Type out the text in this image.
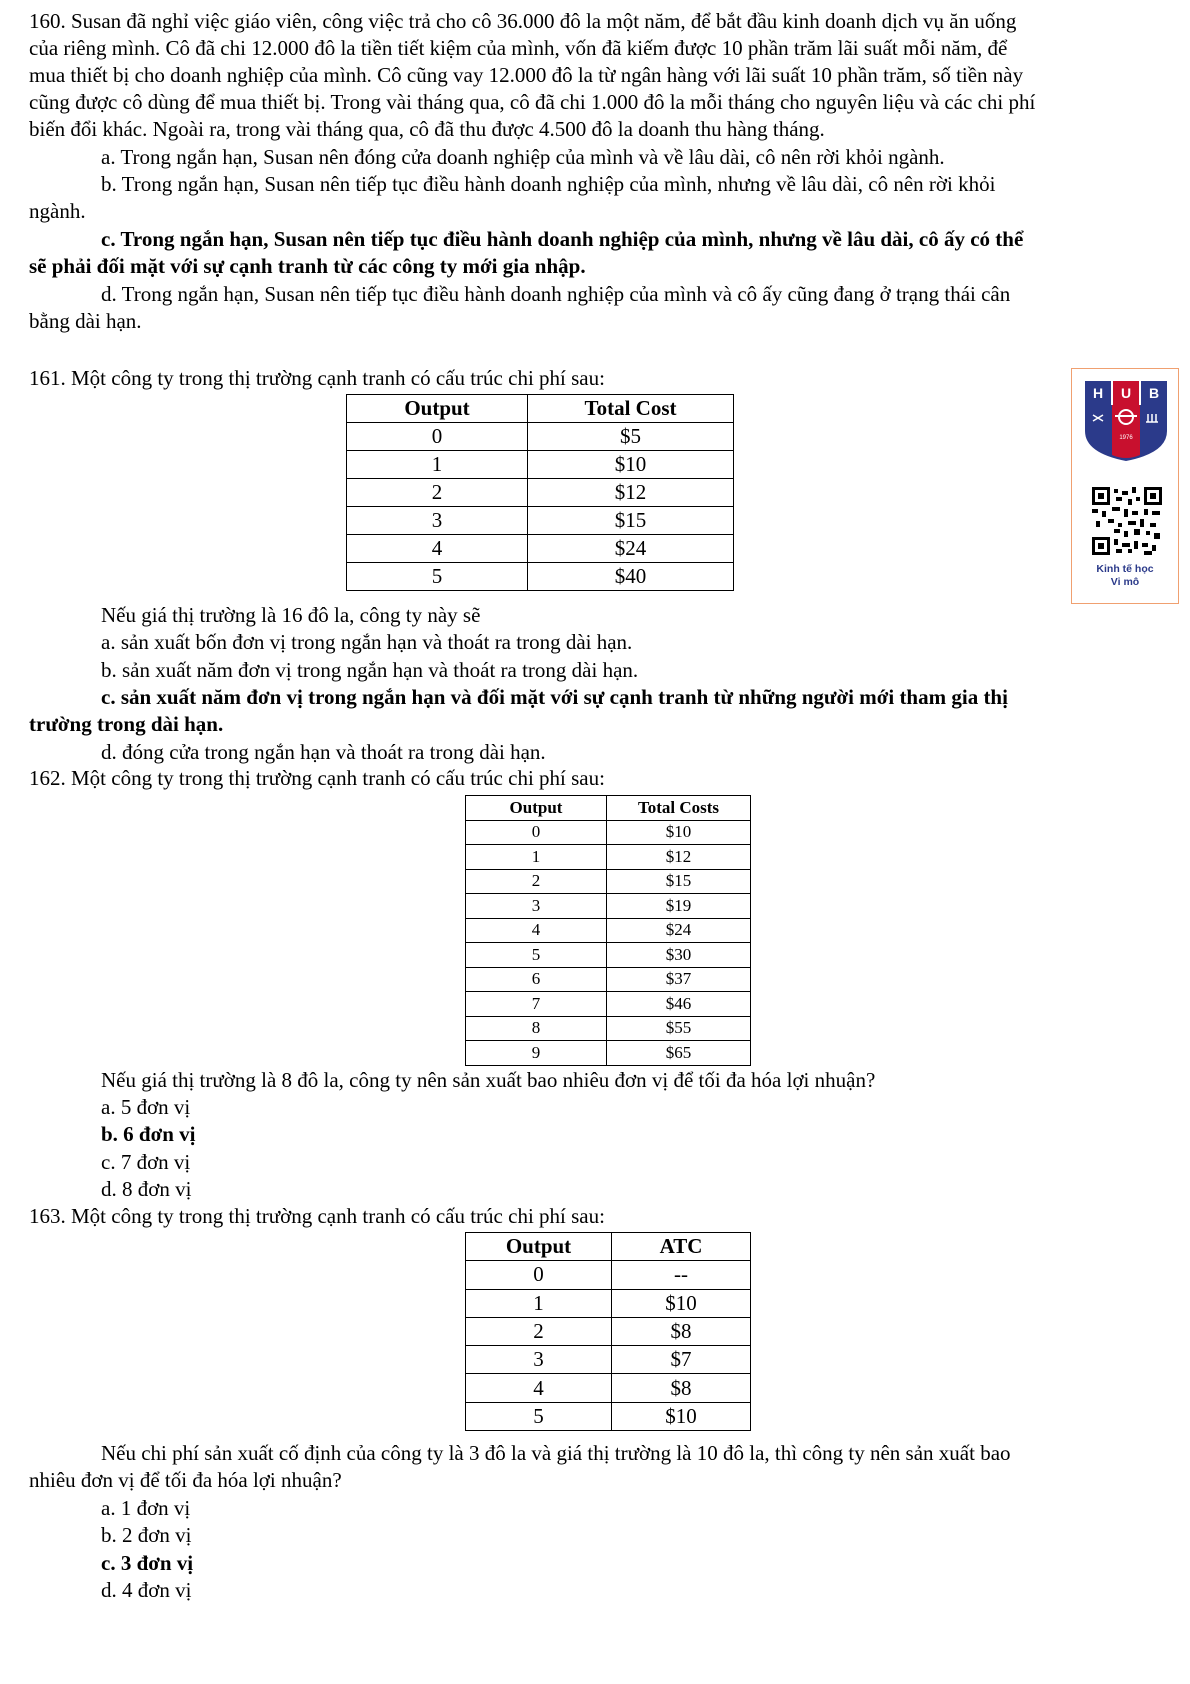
160. Susan đã nghỉ việc giáo viên, công việc trả cho cô 36.000 đô la một năm, để bắt đầu kinh doanh dịch vụ ăn uống
của riêng mình. Cô đã chi 12.000 đô la tiền tiết kiệm của mình, vốn đã kiếm được 10 phần trăm lãi suất mỗi năm, để
mua thiết bị cho doanh nghiệp của mình. Cô cũng vay 12.000 đô la từ ngân hàng với lãi suất 10 phần trăm, số tiền này
cũng được cô dùng để mua thiết bị. Trong vài tháng qua, cô đã chi 1.000 đô la mỗi tháng cho nguyên liệu và các chi phí
biến đổi khác. Ngoài ra, trong vài tháng qua, cô đã thu được 4.500 đô la doanh thu hàng tháng.
a. Trong ngắn hạn, Susan nên đóng cửa doanh nghiệp của mình và về lâu dài, cô nên rời khỏi ngành.
b. Trong ngắn hạn, Susan nên tiếp tục điều hành doanh nghiệp của mình, nhưng về lâu dài, cô nên rời khỏi
ngành.
c. Trong ngắn hạn, Susan nên tiếp tục điều hành doanh nghiệp của mình, nhưng về lâu dài, cô ấy có thể
sẽ phải đối mặt với sự cạnh tranh từ các công ty mới gia nhập.
d. Trong ngắn hạn, Susan nên tiếp tục điều hành doanh nghiệp của mình và cô ấy cũng đang ở trạng thái cân
bằng dài hạn.
161. Một công ty trong thị trường cạnh tranh có cấu trúc chi phí sau:
Output	Total Cost
0	$5
1	$10
2	$12
3	$15
4	$24
5	$40
Nếu giá thị trường là 16 đô la, công ty này sẽ
a. sản xuất bốn đơn vị trong ngắn hạn và thoát ra trong dài hạn.
b. sản xuất năm đơn vị trong ngắn hạn và thoát ra trong dài hạn.
c. sản xuất năm đơn vị trong ngắn hạn và đối mặt với sự cạnh tranh từ những người mới tham gia thị
trường trong dài hạn.
d. đóng cửa trong ngắn hạn và thoát ra trong dài hạn.
H	U	B
1976
Kinh tế học
Vi mô
162. Một công ty trong thị trường cạnh tranh có cấu trúc chi phí sau:
Output	Total Costs
0	$10
1	$12
2	$15
3	$19
4	$24
5	$30
6	$37
7	$46
8	$55
9	$65
Nếu giá thị trường là 8 đô la, công ty nên sản xuất bao nhiêu đơn vị để tối đa hóa lợi nhuận?
a. 5 đơn vị
b. 6 đơn vị
c. 7 đơn vị
d. 8 đơn vị
163. Một công ty trong thị trường cạnh tranh có cấu trúc chi phí sau:
Output	ATC
0	--
1	$10
2	$8
3	$7
4	$8
5	$10
Nếu chi phí sản xuất cố định của công ty là 3 đô la và giá thị trường là 10 đô la, thì công ty nên sản xuất bao
nhiêu đơn vị để tối đa hóa lợi nhuận?
a. 1 đơn vị
b. 2 đơn vị
c. 3 đơn vị
d. 4 đơn vị
